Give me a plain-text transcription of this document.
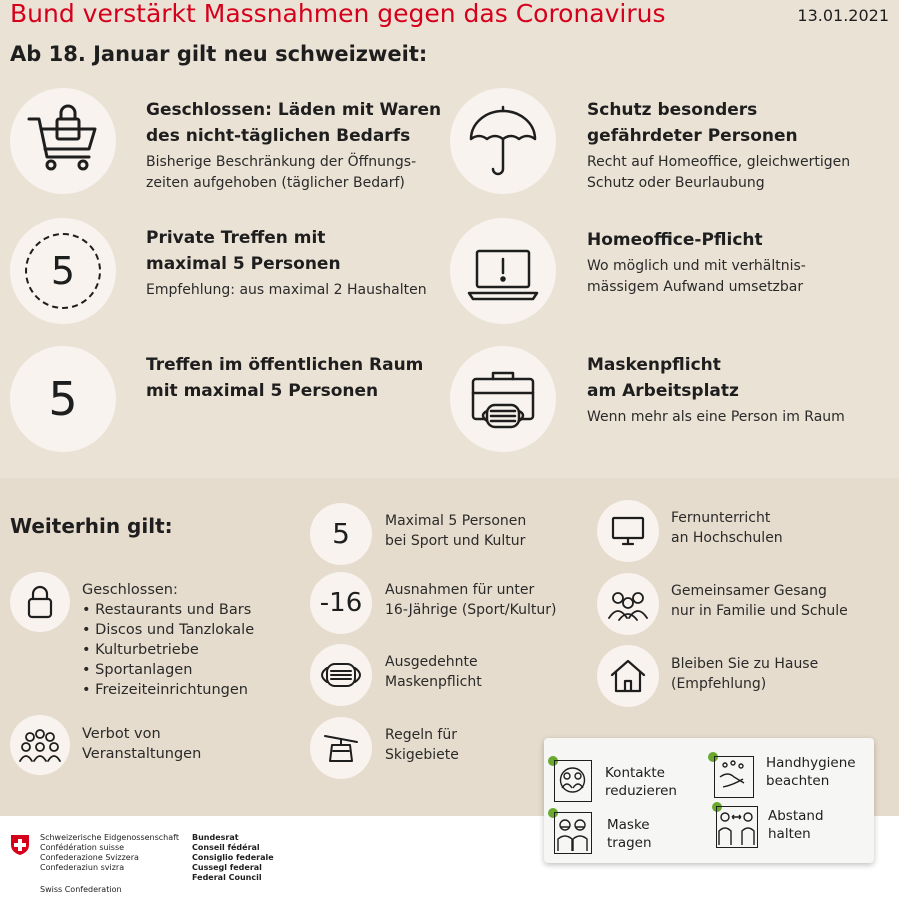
Bund verstärkt Massnahmen gegen das Coronavirus	13.01.2021
Ab 18. Januar gilt neu schweizweit:
Geschlossen: Läden mit Waren
des nicht-täglichen Bedarfs
Bisherige Beschränkung der Öffnungs-
zeiten aufgehoben (täglicher Bedarf)
5
Private Treffen mit
maximal 5 Personen
Empfehlung: aus maximal 2 Haushalten
5
Treffen im öffentlichen Raum
mit maximal 5 Personen
Schutz besonders
gefährdeter Personen
Recht auf Homeoffice, gleichwertigen
Schutz oder Beurlaubung
Homeoffice-Pflicht
Wo möglich und mit verhältnis-
mässigem Aufwand umsetzbar
Maskenpflicht
am Arbeitsplatz
Wenn mehr als eine Person im Raum
Weiterhin gilt:
Geschlossen:
• Restaurants und Bars
• Discos und Tanzlokale
• Kulturbetriebe
• Sportanlagen
• Freizeiteinrichtungen
Verbot von
Veranstaltungen
5	Maximal 5 Personen
bei Sport und Kultur
-16 Ausnahmen für unter
16-Jährige (Sport/Kultur)
Ausgedehnte
Maskenpflicht
Regeln für
Skigebiete
Fernunterricht
an Hochschulen
Gemeinsamer Gesang
nur in Familie und Schule
Bleiben Sie zu Hause
(Empfehlung)
Kontakte
reduzieren
Handhygiene
beachten
Maske
tragen
Abstand
halten
Schweizerische Eidgenossenschaft
Confédération suisse
Confederazione Svizzera
Confederaziun svizra
Swiss Confederation
Bundesrat
Conseil fédéral
Consiglio federale
Cussegl federal
Federal Council
